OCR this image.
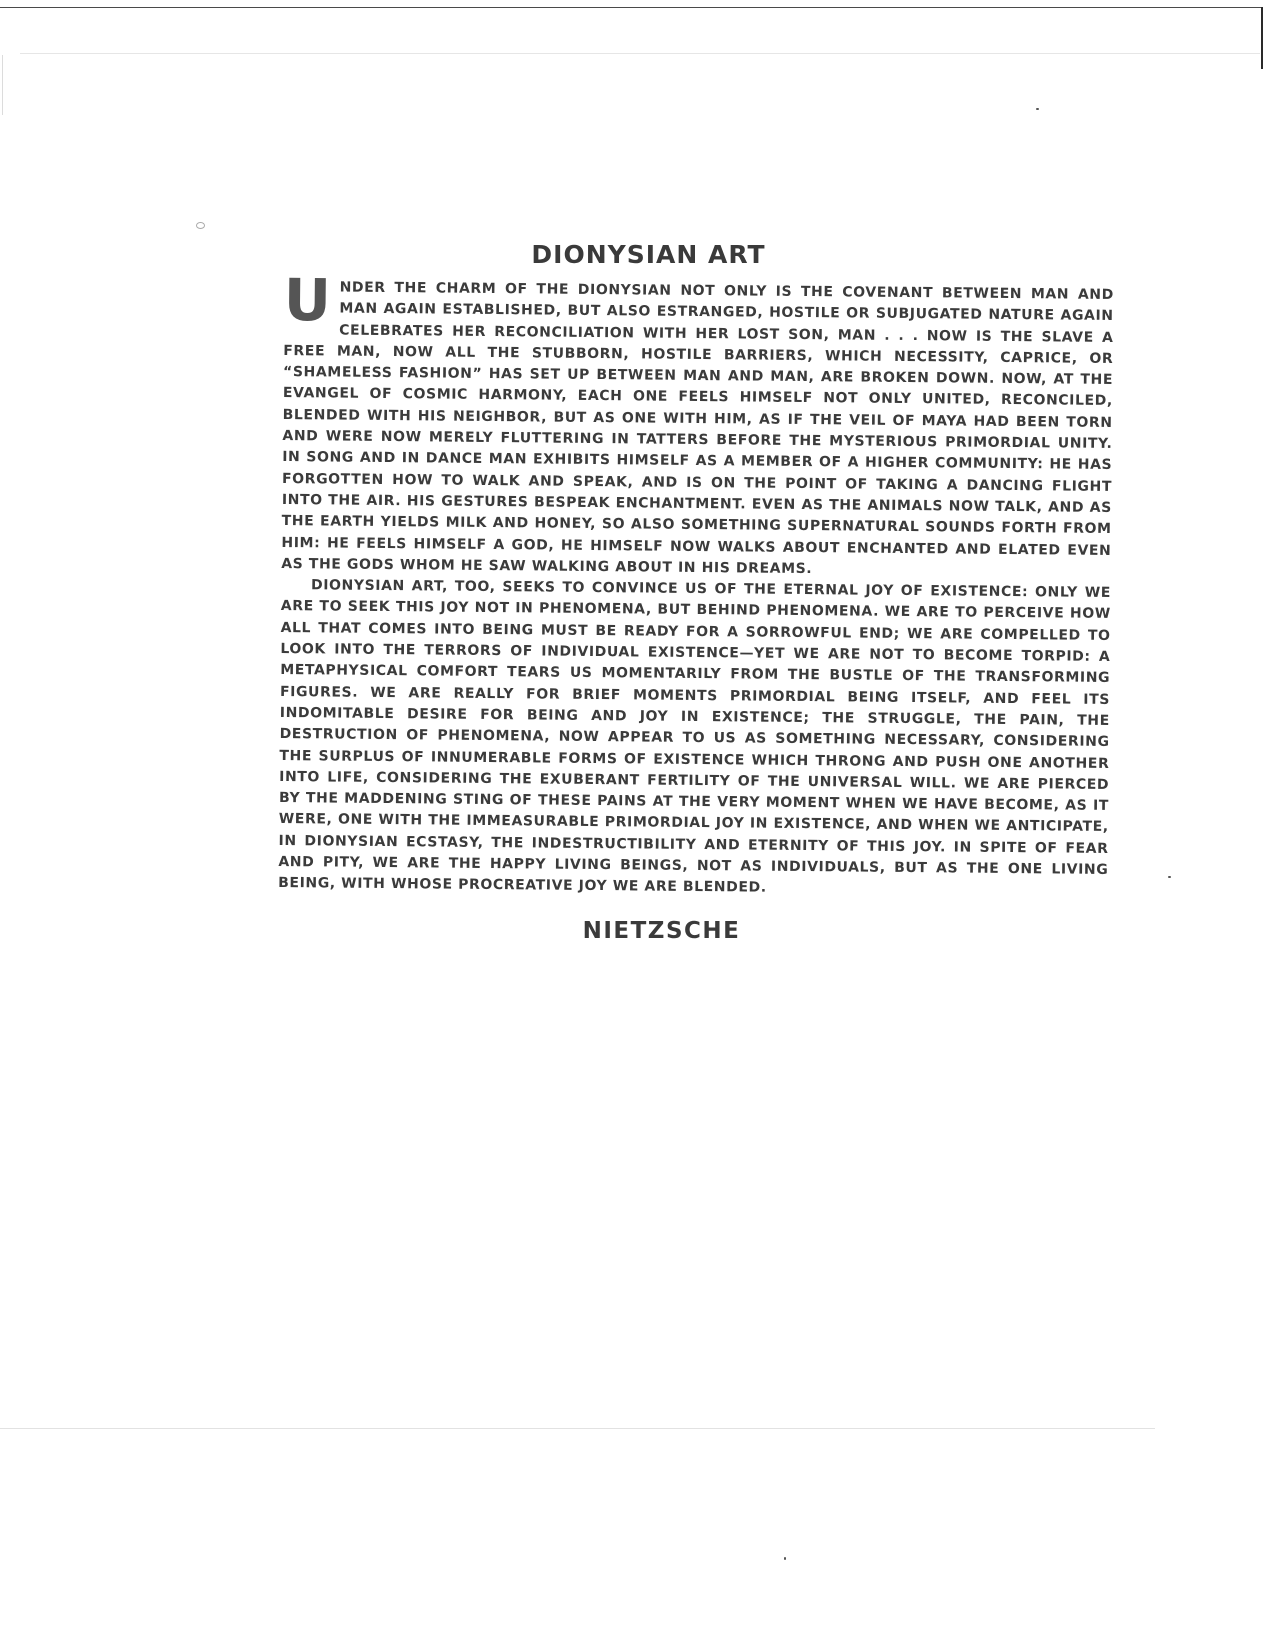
DIONYSIAN ART

UNDER THE CHARM OF THE DIONYSIAN NOT ONLY IS THE COVENANT BETWEEN MAN AND MAN AGAIN ESTABLISHED, BUT ALSO ESTRANGED, HOSTILE OR SUBJUGATED NATURE AGAIN CELEBRATES HER RECONCILIATION WITH HER LOST SON, MAN . . . NOW IS THE SLAVE A FREE MAN, NOW ALL THE STUBBORN, HOSTILE BARRIERS, WHICH NECESSITY, CAPRICE, OR “SHAMELESS FASHION” HAS SET UP BETWEEN MAN AND MAN, ARE BROKEN DOWN. NOW, AT THE EVANGEL OF COSMIC HARMONY, EACH ONE FEELS HIMSELF NOT ONLY UNITED, RECONCILED, BLENDED WITH HIS NEIGHBOR, BUT AS ONE WITH HIM, AS IF THE VEIL OF MAYA HAD BEEN TORN AND WERE NOW MERELY FLUTTERING IN TATTERS BEFORE THE MYSTERIOUS PRIMORDIAL UNITY. IN SONG AND IN DANCE MAN EXHIBITS HIMSELF AS A MEMBER OF A HIGHER COMMUNITY: HE HAS FORGOTTEN HOW TO WALK AND SPEAK, AND IS ON THE POINT OF TAKING A DANCING FLIGHT INTO THE AIR. HIS GESTURES BESPEAK ENCHANTMENT. EVEN AS THE ANIMALS NOW TALK, AND AS THE EARTH YIELDS MILK AND HONEY, SO ALSO SOMETHING SUPERNATURAL SOUNDS FORTH FROM HIM: HE FEELS HIMSELF A GOD, HE HIMSELF NOW WALKS ABOUT ENCHANTED AND ELATED EVEN AS THE GODS WHOM HE SAW WALKING ABOUT IN HIS DREAMS.

DIONYSIAN ART, TOO, SEEKS TO CONVINCE US OF THE ETERNAL JOY OF EXISTENCE: ONLY WE ARE TO SEEK THIS JOY NOT IN PHENOMENA, BUT BEHIND PHENOMENA. WE ARE TO PERCEIVE HOW ALL THAT COMES INTO BEING MUST BE READY FOR A SORROWFUL END; WE ARE COMPELLED TO LOOK INTO THE TERRORS OF INDIVIDUAL EXISTENCE—YET WE ARE NOT TO BECOME TORPID: A METAPHYSICAL COMFORT TEARS US MOMENTARILY FROM THE BUSTLE OF THE TRANSFORMING FIGURES. WE ARE REALLY FOR BRIEF MOMENTS PRIMORDIAL BEING ITSELF, AND FEEL ITS INDOMITABLE DESIRE FOR BEING AND JOY IN EXISTENCE; THE STRUGGLE, THE PAIN, THE DESTRUCTION OF PHENOMENA, NOW APPEAR TO US AS SOMETHING NECESSARY, CONSIDERING THE SURPLUS OF INNUMERABLE FORMS OF EXISTENCE WHICH THRONG AND PUSH ONE ANOTHER INTO LIFE, CONSIDERING THE EXUBERANT FERTILITY OF THE UNIVERSAL WILL. WE ARE PIERCED BY THE MADDENING STING OF THESE PAINS AT THE VERY MOMENT WHEN WE HAVE BECOME, AS IT WERE, ONE WITH THE IMMEASURABLE PRIMORDIAL JOY IN EXISTENCE, AND WHEN WE ANTICIPATE, IN DIONYSIAN ECSTASY, THE INDESTRUCTIBILITY AND ETERNITY OF THIS JOY. IN SPITE OF FEAR AND PITY, WE ARE THE HAPPY LIVING BEINGS, NOT AS INDIVIDUALS, BUT AS THE ONE LIVING BEING, WITH WHOSE PROCREATIVE JOY WE ARE BLENDED.

NIETZSCHE
